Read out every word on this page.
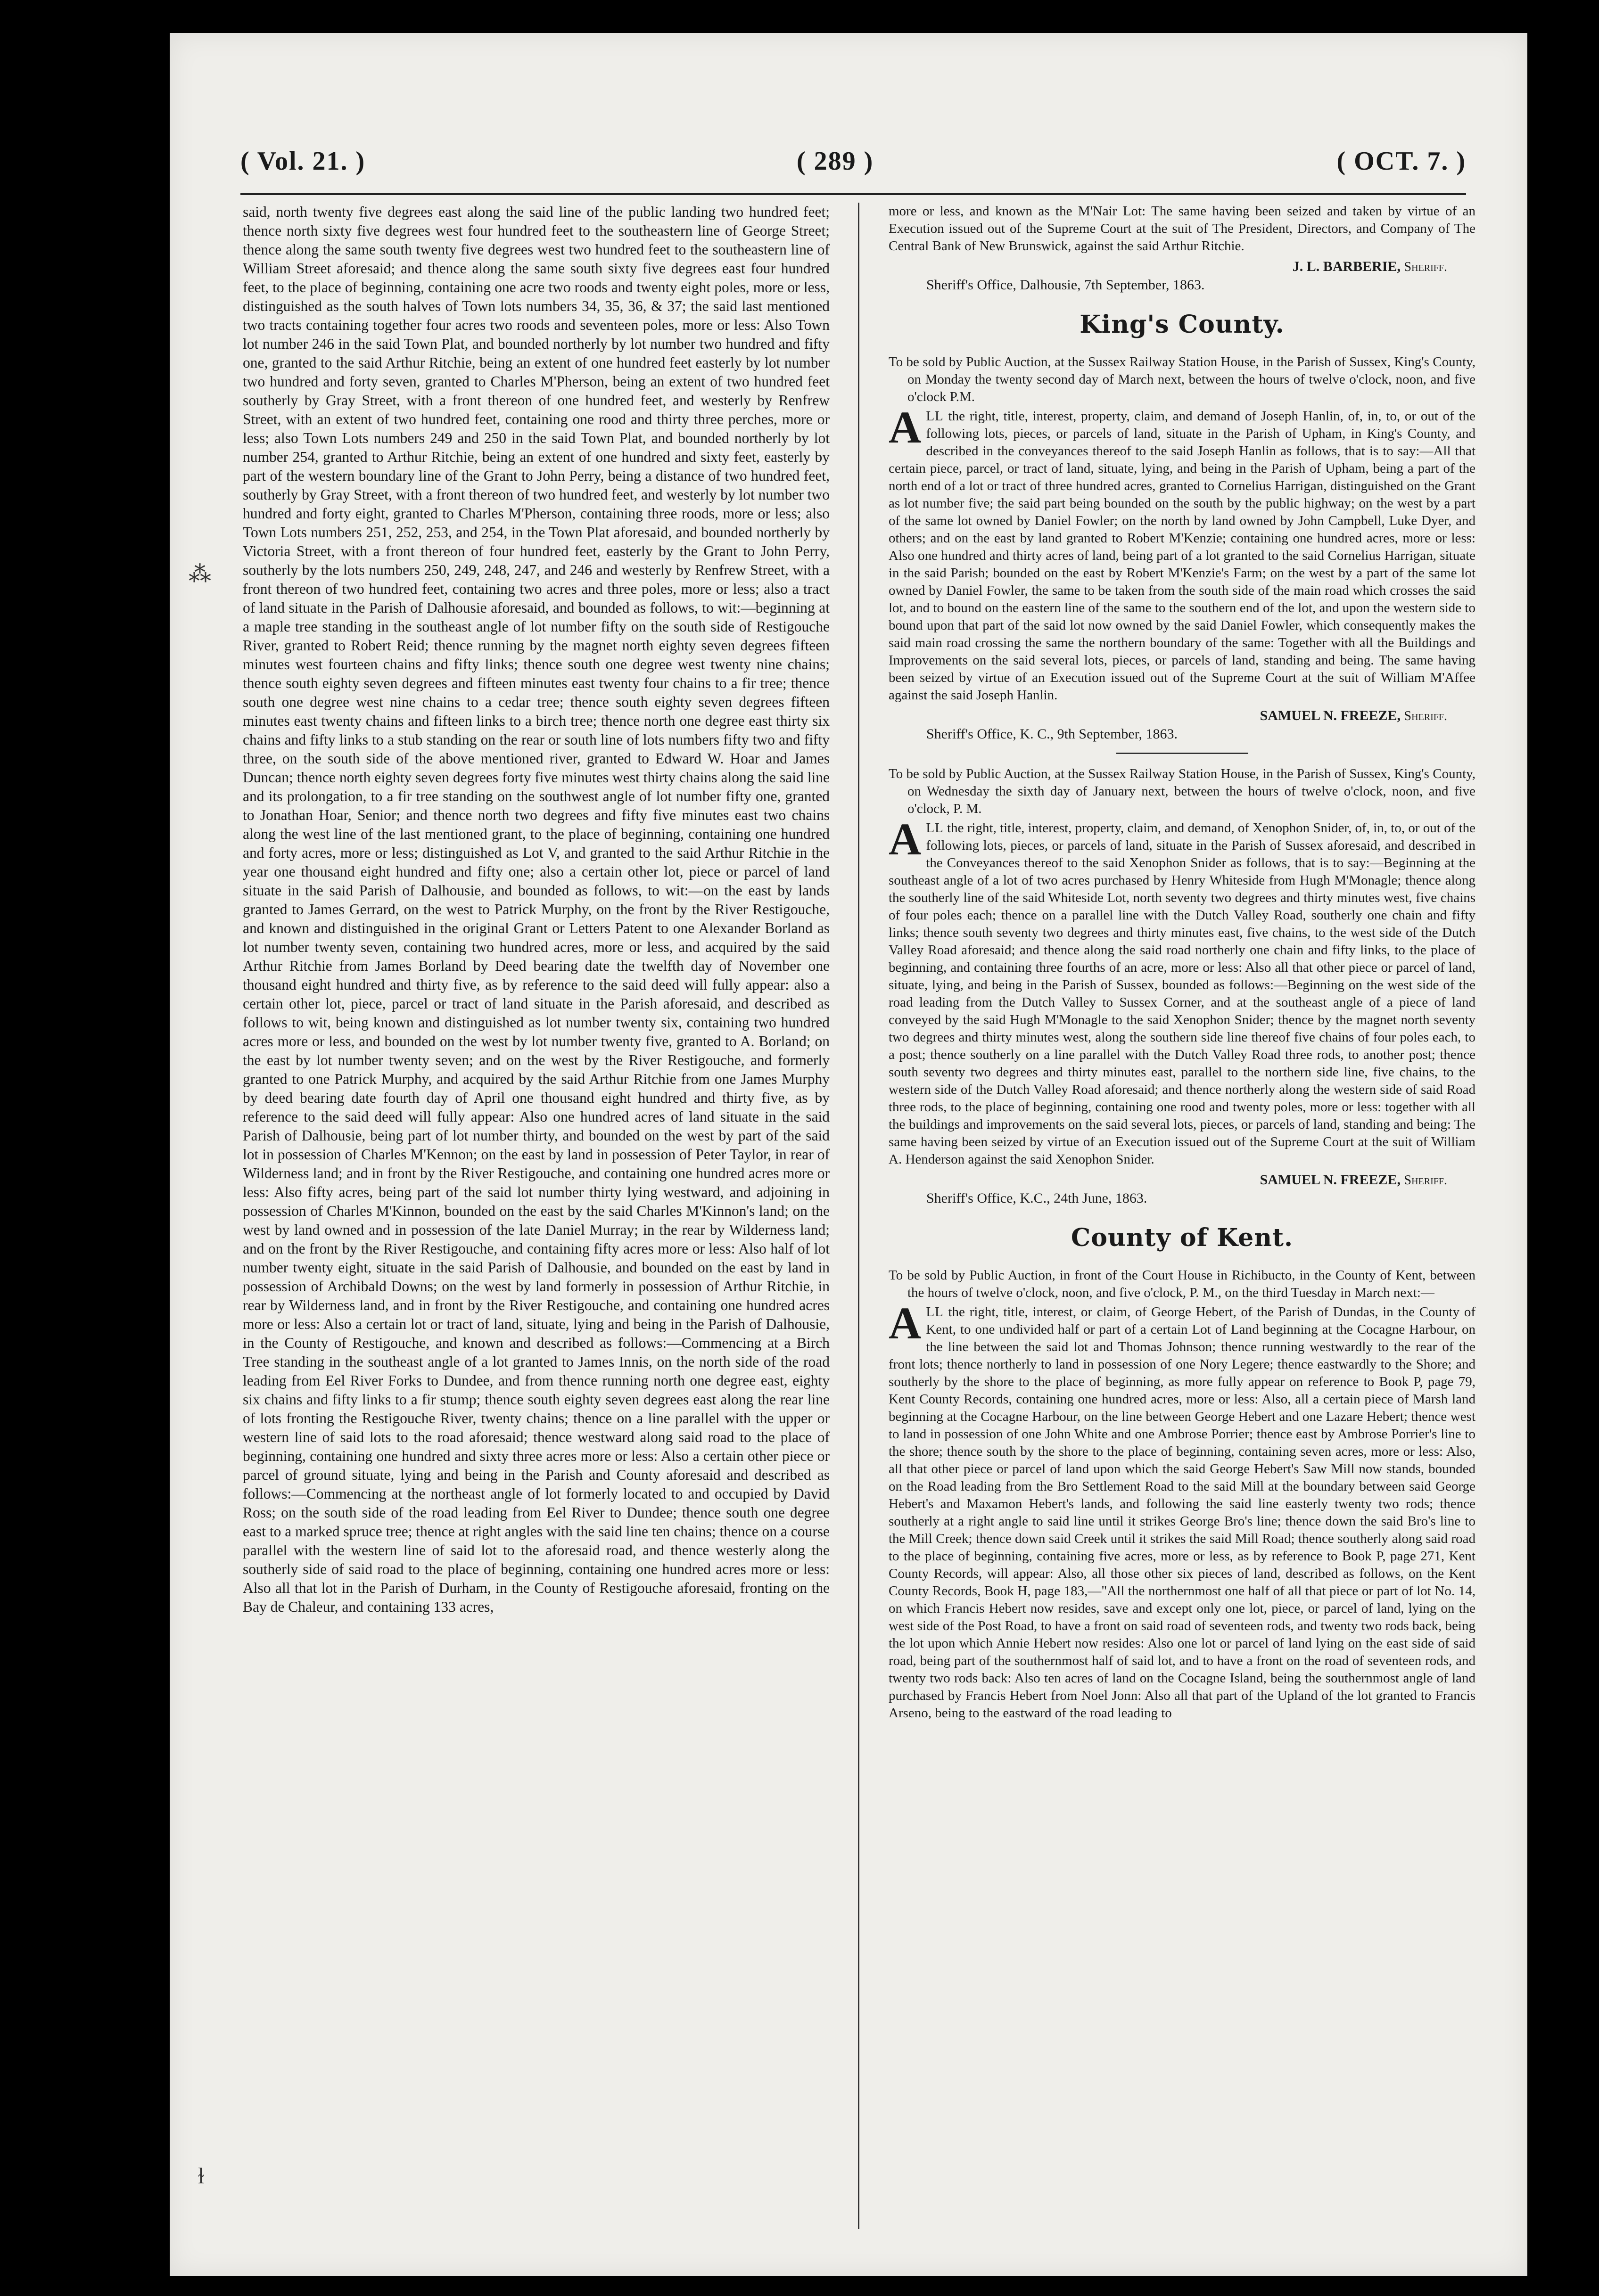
( Vol. 21. )	( 289 )	( OCT. 7. )

said, north twenty five degrees east along the said line of the public landing two hundred feet; thence north sixty five degrees west four hundred feet to the southeastern line of George Street; thence along the same south twenty five degrees west two hundred feet to the southeastern line of William Street aforesaid; and thence along the same south sixty five degrees east four hundred feet, to the place of beginning, containing one acre two roods and twenty eight poles, more or less, distinguished as the south halves of Town lots numbers 34, 35, 36, & 37; the said last mentioned two tracts containing together four acres two roods and seventeen poles, more or less: Also Town lot number 246 in the said Town Plat, and bounded northerly by lot number two hundred and fifty one, granted to the said Arthur Ritchie, being an extent of one hundred feet easterly by lot number two hundred and forty seven, granted to Charles M'Pherson, being an extent of two hundred feet southerly by Gray Street, with a front thereon of one hundred feet, and westerly by Renfrew Street, with an extent of two hundred feet, containing one rood and thirty three perches, more or less; also Town Lots numbers 249 and 250 in the said Town Plat, and bounded northerly by lot number 254, granted to Arthur Ritchie, being an extent of one hundred and sixty feet, easterly by part of the western boundary line of the Grant to John Perry, being a distance of two hundred feet, southerly by Gray Street, with a front thereon of two hundred feet, and westerly by lot number two hundred and forty eight, granted to Charles M'Pherson, containing three roods, more or less; also Town Lots numbers 251, 252, 253, and 254, in the Town Plat aforesaid, and bounded northerly by Victoria Street, with a front thereon of four hundred feet, easterly by the Grant to John Perry, southerly by the lots numbers 250, 249, 248, 247, and 246 and westerly by Renfrew Street, with a front thereon of two hundred feet, containing two acres and three poles, more or less; also a tract of land situate in the Parish of Dalhousie aforesaid, and bounded as follows, to wit:—beginning at a maple tree standing in the southeast angle of lot number fifty on the south side of Restigouche River, granted to Robert Reid; thence running by the magnet north eighty seven degrees fifteen minutes west fourteen chains and fifty links; thence south one degree west twenty nine chains; thence south eighty seven degrees and fifteen minutes east twenty four chains to a fir tree; thence south one degree west nine chains to a cedar tree; thence south eighty seven degrees fifteen minutes east twenty chains and fifteen links to a birch tree; thence north one degree east thirty six chains and fifty links to a stub standing on the rear or south line of lots numbers fifty two and fifty three, on the south side of the above mentioned river, granted to Edward W. Hoar and James Duncan; thence north eighty seven degrees forty five minutes west thirty chains along the said line and its prolongation, to a fir tree standing on the southwest angle of lot number fifty one, granted to Jonathan Hoar, Senior; and thence north two degrees and fifty five minutes east two chains along the west line of the last mentioned grant, to the place of beginning, containing one hundred and forty acres, more or less; distinguished as Lot V, and granted to the said Arthur Ritchie in the year one thousand eight hundred and fifty one; also a certain other lot, piece or parcel of land situate in the said Parish of Dalhousie, and bounded as follows, to wit:—on the east by lands granted to James Gerrard, on the west to Patrick Murphy, on the front by the River Restigouche, and known and distinguished in the original Grant or Letters Patent to one Alexander Borland as lot number twenty seven, containing two hundred acres, more or less, and acquired by the said Arthur Ritchie from James Borland by Deed bearing date the twelfth day of November one thousand eight hundred and thirty five, as by reference to the said deed will fully appear: also a certain other lot, piece, parcel or tract of land situate in the Parish aforesaid, and described as follows to wit, being known and distinguished as lot number twenty six, containing two hundred acres more or less, and bounded on the west by lot number twenty five, granted to A. Borland; on the east by lot number twenty seven; and on the west by the River Restigouche, and formerly granted to one Patrick Murphy, and acquired by the said Arthur Ritchie from one James Murphy by deed bearing date fourth day of April one thousand eight hundred and thirty five, as by reference to the said deed will fully appear: Also one hundred acres of land situate in the said Parish of Dalhousie, being part of lot number thirty, and bounded on the west by part of the said lot in possession of Charles M'Kennon; on the east by land in possession of Peter Taylor, in rear of Wilderness land; and in front by the River Restigouche, and containing one hundred acres more or less: Also fifty acres, being part of the said lot number thirty lying westward, and adjoining in possession of Charles M'Kinnon, bounded on the east by the said Charles M'Kinnon's land; on the west by land owned and in possession of the late Daniel Murray; in the rear by Wilderness land; and on the front by the River Restigouche, and containing fifty acres more or less: Also half of lot number twenty eight, situate in the said Parish of Dalhousie, and bounded on the east by land in possession of Archibald Downs; on the west by land formerly in possession of Arthur Ritchie, in rear by Wilderness land, and in front by the River Restigouche, and containing one hundred acres more or less: Also a certain lot or tract of land, situate, lying and being in the Parish of Dalhousie, in the County of Restigouche, and known and described as follows:—Commencing at a Birch Tree standing in the southeast angle of a lot granted to James Innis, on the north side of the road leading from Eel River Forks to Dundee, and from thence running north one degree east, eighty six chains and fifty links to a fir stump; thence south eighty seven degrees east along the rear line of lots fronting the Restigouche River, twenty chains; thence on a line parallel with the upper or western line of said lots to the road aforesaid; thence westward along said road to the place of beginning, containing one hundred and sixty three acres more or less: Also a certain other piece or parcel of ground situate, lying and being in the Parish and County aforesaid and described as follows:—Commencing at the northeast angle of lot formerly located to and occupied by David Ross; on the south side of the road leading from Eel River to Dundee; thence south one degree east to a marked spruce tree; thence at right angles with the said line ten chains; thence on a course parallel with the western line of said lot to the aforesaid road, and thence westerly along the southerly side of said road to the place of beginning, containing one hundred acres more or less: Also all that lot in the Parish of Durham, in the County of Restigouche aforesaid, fronting on the Bay de Chaleur, and containing 133 acres,

more or less, and known as the M'Nair Lot: The same having been seized and taken by virtue of an Execution issued out of the Supreme Court at the suit of The President, Directors, and Company of The Central Bank of New Brunswick, against the said Arthur Ritchie.

J. L. BARBERIE, Sheriff.

Sheriff's Office, Dalhousie, 7th September, 1863.

King's County.

To be sold by Public Auction, at the Sussex Railway Station House, in the Parish of Sussex, King's County, on Monday the twenty second day of March next, between the hours of twelve o'clock, noon, and five o'clock P.M.

ALL the right, title, interest, property, claim, and demand of Joseph Hanlin, of, in, to, or out of the following lots, pieces, or parcels of land, situate in the Parish of Upham, in King's County, and described in the conveyances thereof to the said Joseph Hanlin as follows, that is to say:—All that certain piece, parcel, or tract of land, situate, lying, and being in the Parish of Upham, being a part of the north end of a lot or tract of three hundred acres, granted to Cornelius Harrigan, distinguished on the Grant as lot number five; the said part being bounded on the south by the public highway; on the west by a part of the same lot owned by Daniel Fowler; on the north by land owned by John Campbell, Luke Dyer, and others; and on the east by land granted to Robert M'Kenzie; containing one hundred acres, more or less: Also one hundred and thirty acres of land, being part of a lot granted to the said Cornelius Harrigan, situate in the said Parish; bounded on the east by Robert M'Kenzie's Farm; on the west by a part of the same lot owned by Daniel Fowler, the same to be taken from the south side of the main road which crosses the said lot, and to bound on the eastern line of the same to the southern end of the lot, and upon the western side to bound upon that part of the said lot now owned by the said Daniel Fowler, which consequently makes the said main road crossing the same the northern boundary of the same: Together with all the Buildings and Improvements on the said several lots, pieces, or parcels of land, standing and being. The same having been seized by virtue of an Execution issued out of the Supreme Court at the suit of William M'Affee against the said Joseph Hanlin.

SAMUEL N. FREEZE, Sheriff.

Sheriff's Office, K. C., 9th September, 1863.

To be sold by Public Auction, at the Sussex Railway Station House, in the Parish of Sussex, King's County, on Wednesday the sixth day of January next, between the hours of twelve o'clock, noon, and five o'clock, P. M.

ALL the right, title, interest, property, claim, and demand, of Xenophon Snider, of, in, to, or out of the following lots, pieces, or parcels of land, situate in the Parish of Sussex aforesaid, and described in the Conveyances thereof to the said Xenophon Snider as follows, that is to say:—Beginning at the southeast angle of a lot of two acres purchased by Henry Whiteside from Hugh M'Monagle; thence along the southerly line of the said Whiteside Lot, north seventy two degrees and thirty minutes west, five chains of four poles each; thence on a parallel line with the Dutch Valley Road, southerly one chain and fifty links; thence south seventy two degrees and thirty minutes east, five chains, to the west side of the Dutch Valley Road aforesaid; and thence along the said road northerly one chain and fifty links, to the place of beginning, and containing three fourths of an acre, more or less: Also all that other piece or parcel of land, situate, lying, and being in the Parish of Sussex, bounded as follows:—Beginning on the west side of the road leading from the Dutch Valley to Sussex Corner, and at the southeast angle of a piece of land conveyed by the said Hugh M'Monagle to the said Xenophon Snider; thence by the magnet north seventy two degrees and thirty minutes west, along the southern side line thereof five chains of four poles each, to a post; thence southerly on a line parallel with the Dutch Valley Road three rods, to another post; thence south seventy two degrees and thirty minutes east, parallel to the northern side line, five chains, to the western side of the Dutch Valley Road aforesaid; and thence northerly along the western side of said Road three rods, to the place of beginning, containing one rood and twenty poles, more or less: together with all the buildings and improvements on the said several lots, pieces, or parcels of land, standing and being: The same having been seized by virtue of an Execution issued out of the Supreme Court at the suit of William A. Henderson against the said Xenophon Snider.

SAMUEL N. FREEZE, Sheriff.

Sheriff's Office, K.C., 24th June, 1863.

County of Kent.

To be sold by Public Auction, in front of the Court House in Richibucto, in the County of Kent, between the hours of twelve o'clock, noon, and five o'clock, P. M., on the third Tuesday in March next:—

ALL the right, title, interest, or claim, of George Hebert, of the Parish of Dundas, in the County of Kent, to one undivided half or part of a certain Lot of Land beginning at the Cocagne Harbour, on the line between the said lot and Thomas Johnson; thence running westwardly to the rear of the front lots; thence northerly to land in possession of one Nory Legere; thence eastwardly to the Shore; and southerly by the shore to the place of beginning, as more fully appear on reference to Book P, page 79, Kent County Records, containing one hundred acres, more or less: Also, all a certain piece of Marsh land beginning at the Cocagne Harbour, on the line between George Hebert and one Lazare Hebert; thence west to land in possession of one John White and one Ambrose Porrier; thence east by Ambrose Porrier's line to the shore; thence south by the shore to the place of beginning, containing seven acres, more or less: Also, all that other piece or parcel of land upon which the said George Hebert's Saw Mill now stands, bounded on the Road leading from the Bro Settlement Road to the said Mill at the boundary between said George Hebert's and Maxamon Hebert's lands, and following the said line easterly twenty two rods; thence southerly at a right angle to said line until it strikes George Bro's line; thence down the said Bro's line to the Mill Creek; thence down said Creek until it strikes the said Mill Road; thence southerly along said road to the place of beginning, containing five acres, more or less, as by reference to Book P, page 271, Kent County Records, will appear: Also, all those other six pieces of land, described as follows, on the Kent County Records, Book H, page 183,—"All the northernmost one half of all that piece or part of lot No. 14, on which Francis Hebert now resides, save and except only one lot, piece, or parcel of land, lying on the west side of the Post Road, to have a front on said road of seventeen rods, and twenty two rods back, being the lot upon which Annie Hebert now resides: Also one lot or parcel of land lying on the east side of said road, being part of the southernmost half of said lot, and to have a front on the road of seventeen rods, and twenty two rods back: Also ten acres of land on the Cocagne Island, being the southernmost angle of land purchased by Francis Hebert from Noel Jonn: Also all that part of the Upland of the lot granted to Francis Arseno, being to the eastward of the road leading to

⁂
ɫ
